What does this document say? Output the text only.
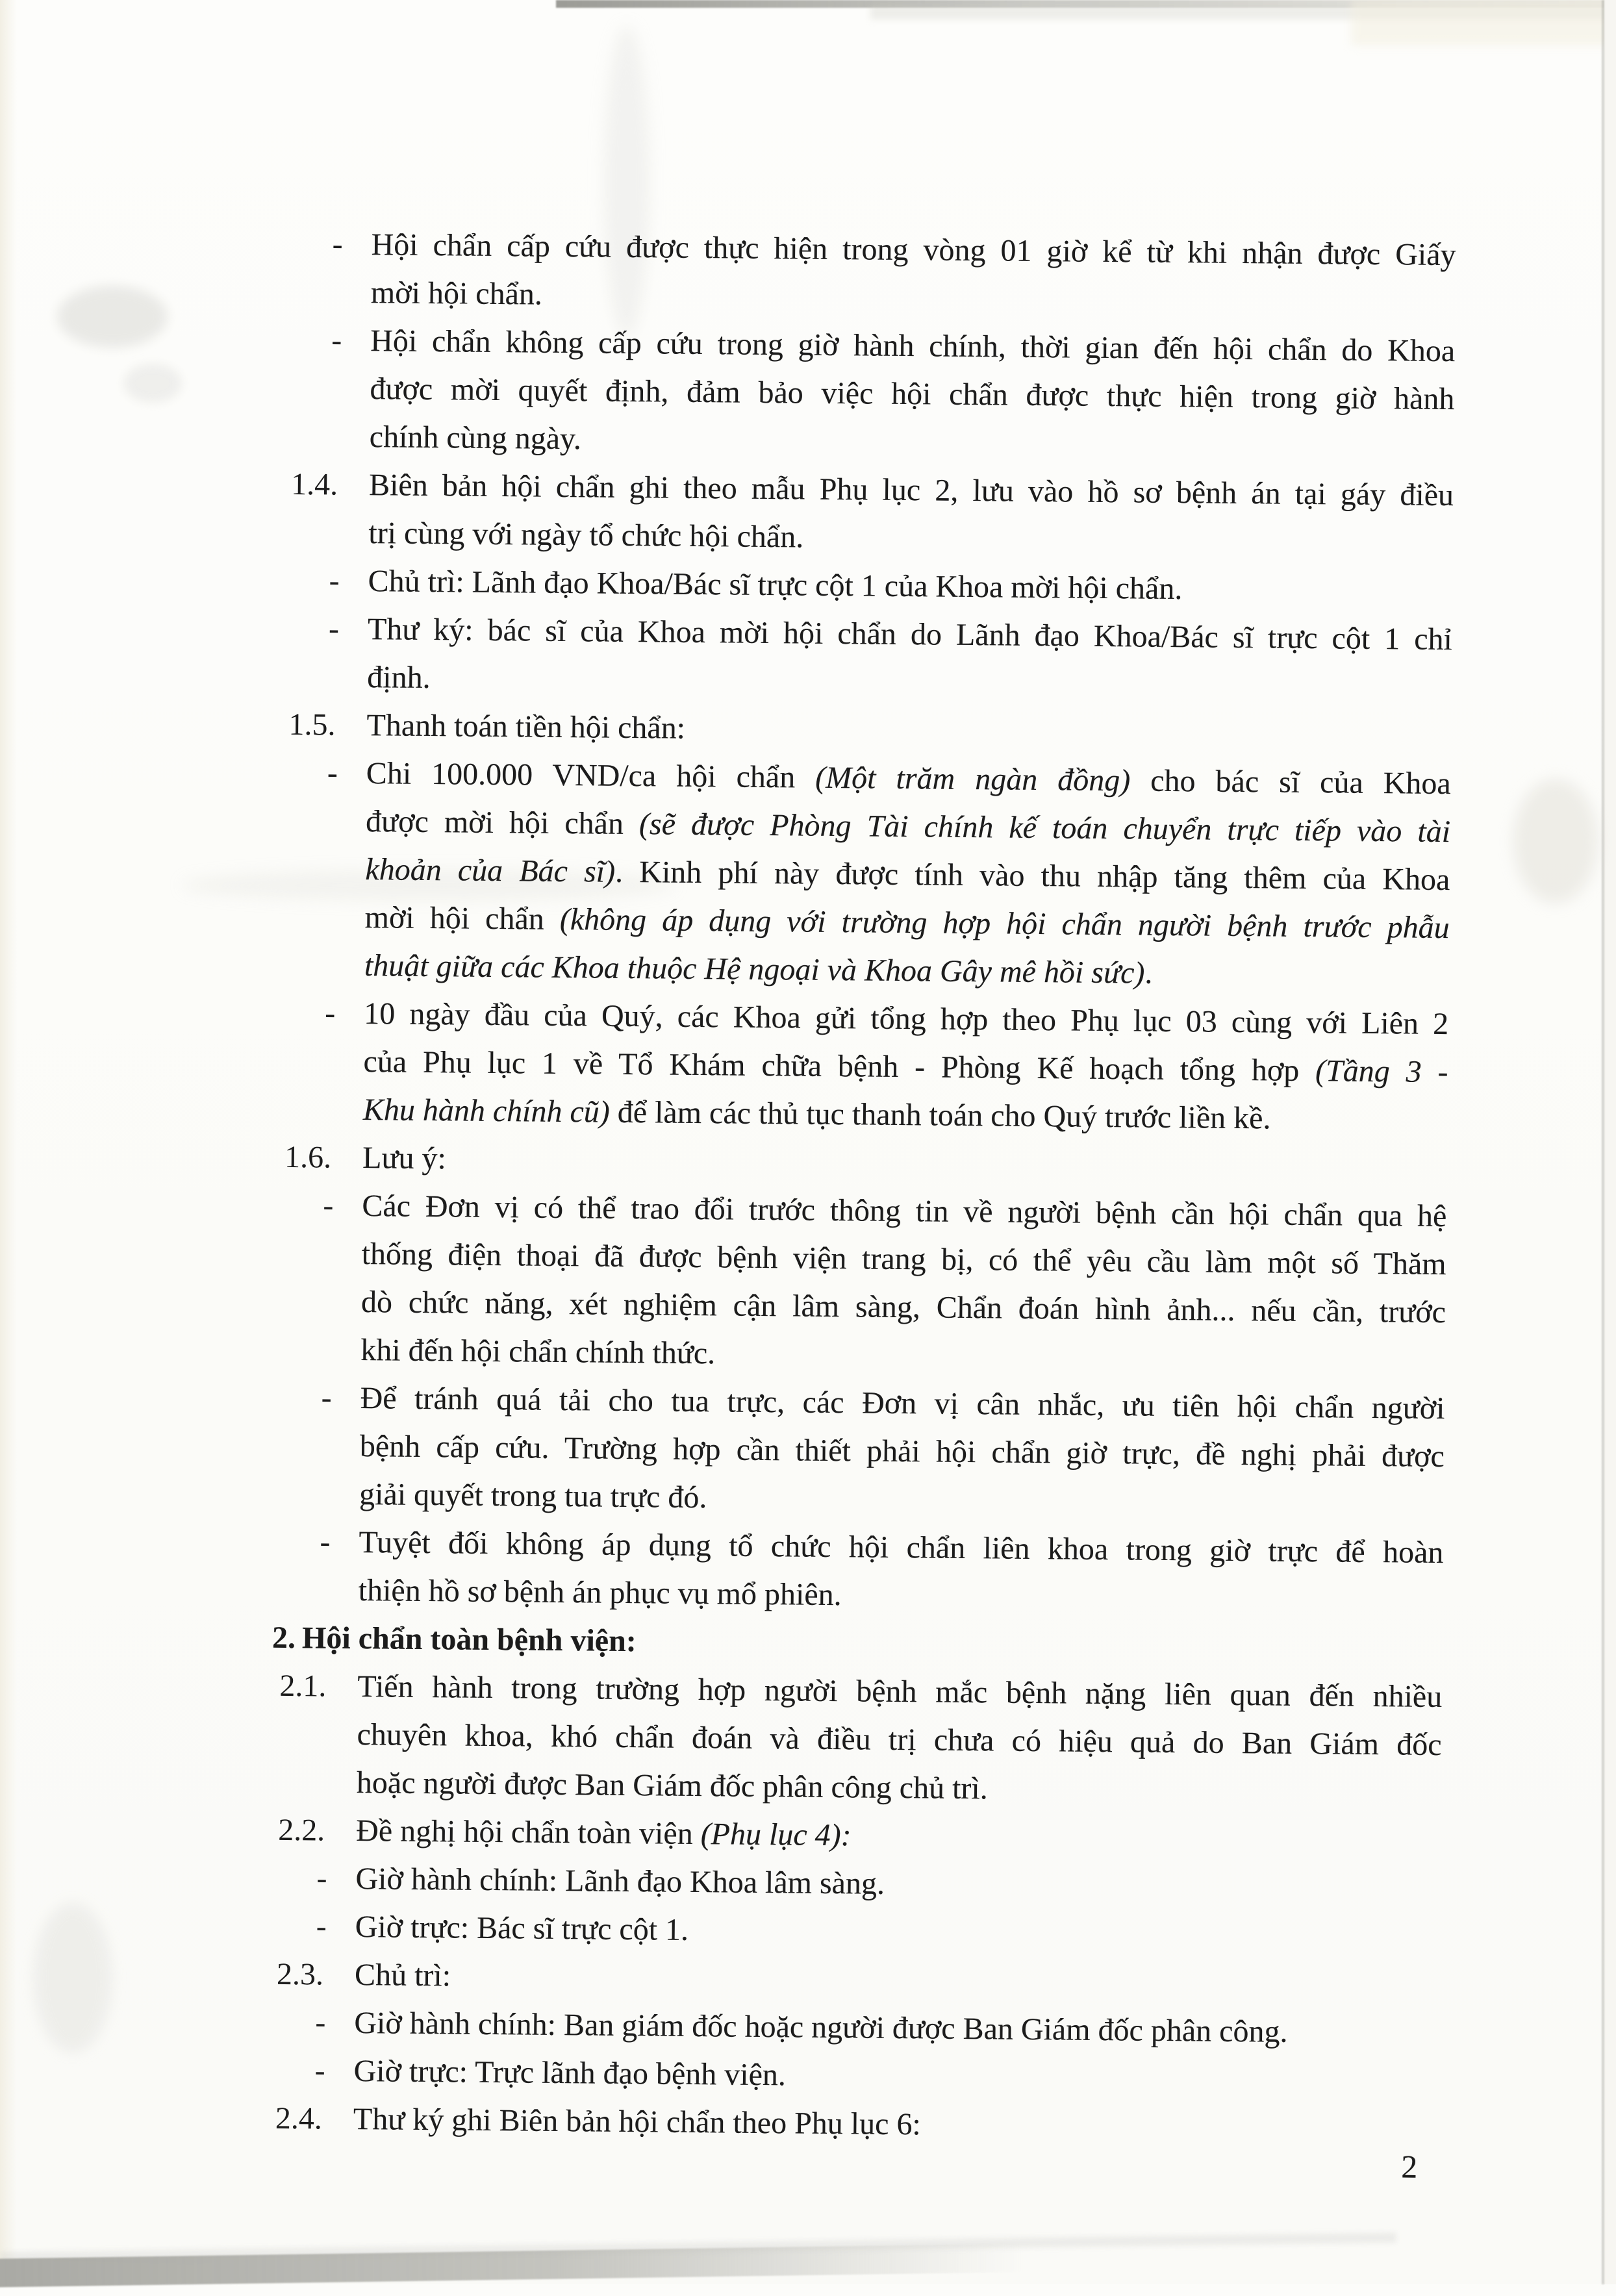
- Hội chẩn cấp cứu được thực hiện trong vòng 01 giờ kể từ khi nhận được Giấy
mời hội chẩn.
- Hội chẩn không cấp cứu trong giờ hành chính, thời gian đến hội chẩn do Khoa
được mời quyết định, đảm bảo việc hội chẩn được thực hiện trong giờ hành
chính cùng ngày.
1.4. Biên bản hội chẩn ghi theo mẫu Phụ lục 2, lưu vào hồ sơ bệnh án tại gáy điều
trị cùng với ngày tổ chức hội chẩn.
- Chủ trì: Lãnh đạo Khoa/Bác sĩ trực cột 1 của Khoa mời hội chẩn.
- Thư ký: bác sĩ của Khoa mời hội chẩn do Lãnh đạo Khoa/Bác sĩ trực cột 1 chỉ
định.
1.5. Thanh toán tiền hội chẩn:
- Chi 100.000 VND/ca hội chẩn (Một trăm ngàn đồng) cho bác sĩ của Khoa
được mời hội chẩn (sẽ được Phòng Tài chính kế toán chuyển trực tiếp vào tài
khoản của Bác sĩ). Kinh phí này được tính vào thu nhập tăng thêm của Khoa
mời hội chẩn (không áp dụng với trường hợp hội chẩn người bệnh trước phẫu
thuật giữa các Khoa thuộc Hệ ngoại và Khoa Gây mê hồi sức).
- 10 ngày đầu của Quý, các Khoa gửi tổng hợp theo Phụ lục 03 cùng với Liên 2
của Phụ lục 1 về Tổ Khám chữa bệnh - Phòng Kế hoạch tổng hợp (Tầng 3 -
Khu hành chính cũ) để làm các thủ tục thanh toán cho Quý trước liền kề.
1.6. Lưu ý:
- Các Đơn vị có thể trao đổi trước thông tin về người bệnh cần hội chẩn qua hệ
thống điện thoại đã được bệnh viện trang bị, có thể yêu cầu làm một số Thăm
dò chức năng, xét nghiệm cận lâm sàng, Chẩn đoán hình ảnh... nếu cần, trước
khi đến hội chẩn chính thức.
- Để tránh quá tải cho tua trực, các Đơn vị cân nhắc, ưu tiên hội chẩn người
bệnh cấp cứu. Trường hợp cần thiết phải hội chẩn giờ trực, đề nghị phải được
giải quyết trong tua trực đó.
- Tuyệt đối không áp dụng tổ chức hội chẩn liên khoa trong giờ trực để hoàn
thiện hồ sơ bệnh án phục vụ mổ phiên.
2. Hội chẩn toàn bệnh viện:
2.1. Tiến hành trong trường hợp người bệnh mắc bệnh nặng liên quan đến nhiều
chuyên khoa, khó chẩn đoán và điều trị chưa có hiệu quả do Ban Giám đốc
hoặc người được Ban Giám đốc phân công chủ trì.
2.2. Đề nghị hội chẩn toàn viện (Phụ lục 4):
- Giờ hành chính: Lãnh đạo Khoa lâm sàng.
- Giờ trực: Bác sĩ trực cột 1.
2.3. Chủ trì:
- Giờ hành chính: Ban giám đốc hoặc người được Ban Giám đốc phân công.
- Giờ trực: Trực lãnh đạo bệnh viện.
2.4. Thư ký ghi Biên bản hội chẩn theo Phụ lục 6:
2
